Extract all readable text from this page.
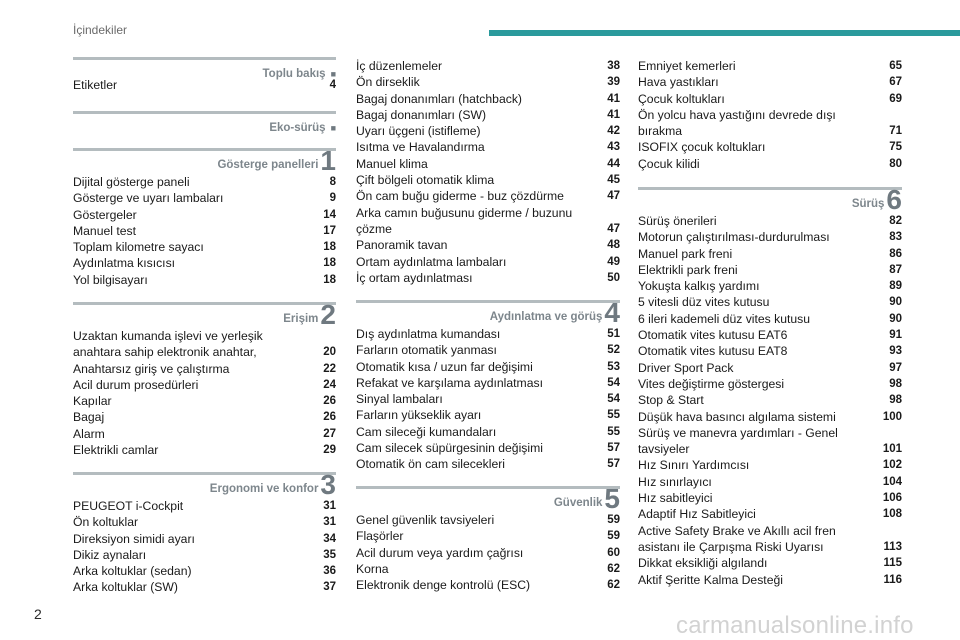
İçindekiler
Toplu bakış ■
Etiketler	4
Eko-sürüş ■
Gösterge panelleri 1
Dijital gösterge paneli	8
Gösterge ve uyarı lambaları	9
Göstergeler	14
Manuel test	17
Toplam kilometre sayacı	18
Aydınlatma kısıcısı	18
Yol bilgisayarı	18
Erişim 2
Uzaktan kumanda işlevi ve yerleşik anahtara sahip elektronik anahtar,	20
Anahtarsız giriş ve çalıştırma	22
Acil durum prosedürleri	24
Kapılar	26
Bagaj	26
Alarm	27
Elektrikli camlar	29
Ergonomi ve konfor 3
PEUGEOT i-Cockpit	31
Ön koltuklar	31
Direksiyon simidi ayarı	34
Dikiz aynaları	35
Arka koltuklar (sedan)	36
Arka koltuklar (SW)	37
İç düzenlemeler	38
Ön dirseklik	39
Bagaj donanımları (hatchback)	41
Bagaj donanımları (SW)	41
Uyarı üçgeni (istifleme)	42
Isıtma ve Havalandırma	43
Manuel klima	44
Çift bölgeli otomatik klima	45
Ön cam buğu giderme - buz çözdürme	47
Arka camın buğusunu giderme / buzunu çözme	47
Panoramik tavan	48
Ortam aydınlatma lambaları	49
İç ortam aydınlatması	50
Aydınlatma ve görüş 4
Dış aydınlatma kumandası	51
Farların otomatik yanması	52
Otomatik kısa / uzun far değişimi	53
Refakat ve karşılama aydınlatması	54
Sinyal lambaları	54
Farların yükseklik ayarı	55
Cam sileceği kumandaları	55
Cam silecek süpürgesinin değişimi	57
Otomatik ön cam silecekleri	57
Güvenlik 5
Genel güvenlik tavsiyeleri	59
Flaşörler	59
Acil durum veya yardım çağrısı	60
Korna	62
Elektronik denge kontrolü (ESC)	62
Emniyet kemerleri	65
Hava yastıkları	67
Çocuk koltukları	69
Ön yolcu hava yastığını devrede dışı bırakma	71
ISOFIX çocuk koltukları	75
Çocuk kilidi	80
Sürüş 6
Sürüş önerileri	82
Motorun çalıştırılması-durdurulması	83
Manuel park freni	86
Elektrikli park freni	87
Yokuşta kalkış yardımı	89
5 vitesli düz vites kutusu	90
6 ileri kademeli düz vites kutusu	90
Otomatik vites kutusu EAT6	91
Otomatik vites kutusu EAT8	93
Driver Sport Pack	97
Vites değiştirme göstergesi	98
Stop & Start	98
Düşük hava basıncı algılama sistemi	100
Sürüş ve manevra yardımları - Genel tavsiyeler	101
Hız Sınırı Yardımcısı	102
Hız sınırlayıcı	104
Hız sabitleyici	106
Adaptif Hız Sabitleyici	108
Active Safety Brake ve Akıllı acil fren asistanı ile Çarpışma Riski Uyarısı	113
Dikkat eksikliği algılandı	115
Aktif Şeritte Kalma Desteği	116
2	carmanualsonline.info
